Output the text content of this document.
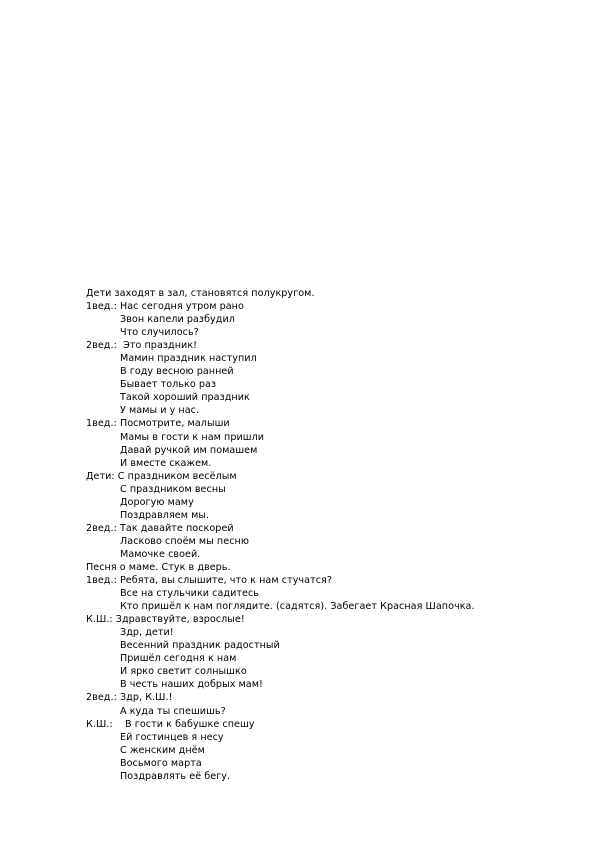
Дети заходят в зал, становятся полукругом.
1вед.: Нас сегодня утром рано
Звон капели разбудил
Что случилось?
2вед.:  Это праздник!
Мамин праздник наступил
В году весною ранней
Бывает только раз
Такой хороший праздник
У мамы и у нас.
1вед.: Посмотрите, малыши
Мамы в гости к нам пришли
Давай ручкой им помашем
И вместе скажем.
Дети: С праздником весёлым
С праздником весны
Дорогую маму
Поздравляем мы.
2вед.: Так давайте поскорей
Ласково споём мы песню
Мамочке своей.
Песня о маме. Стук в дверь.
1вед.: Ребята, вы слышите, что к нам стучатся?
Все на стульчики садитесь
Кто пришёл к нам поглядите. (садятся). Забегает Красная Шапочка.
К.Ш.: Здравствуйте, взрослые!
Здр, дети!
Весенний праздник радостный
Пришёл сегодня к нам
И ярко светит солнышко
В честь наших добрых мам!
2вед.: Здр, К.Ш.!
А куда ты спешишь?
К.Ш.:    В гости к бабушке спешу
Ей гостинцев я несу
С женским днём
Восьмого марта
Поздравлять её бегу.
